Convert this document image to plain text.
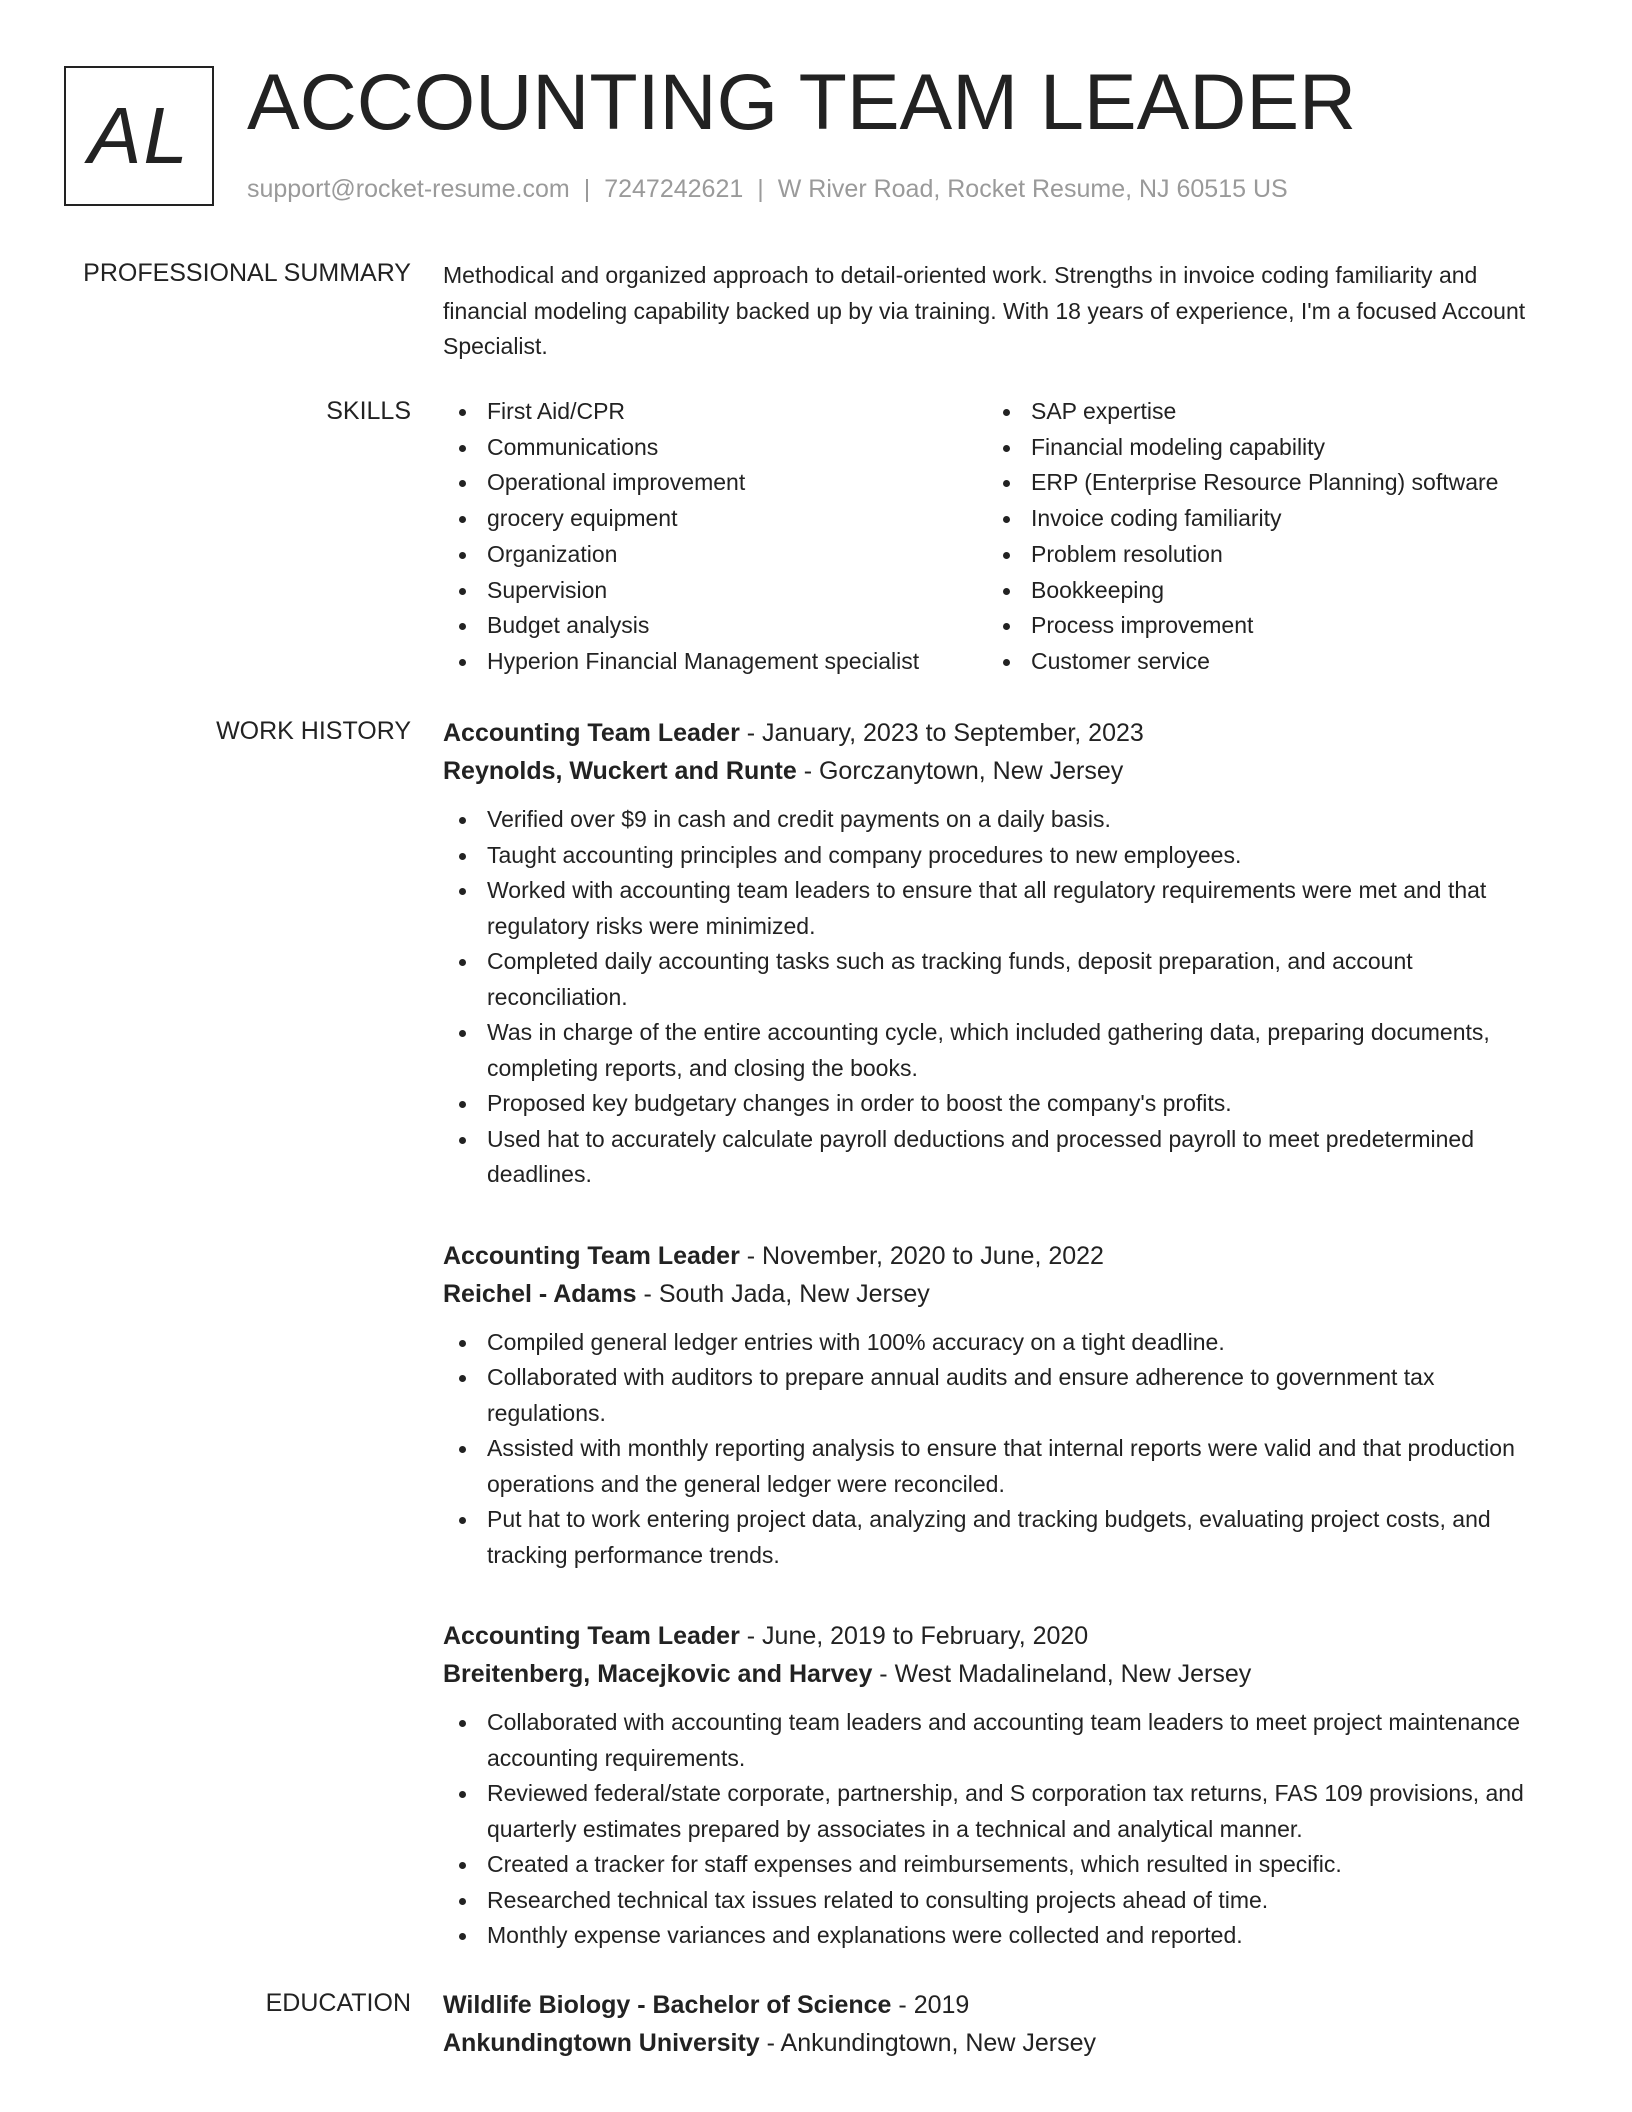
AL ACCOUNTING TEAM LEADER
support@rocket-resume.com | 7247242621 | W River Road, Rocket Resume, NJ 60515 US
PROFESSIONAL SUMMARY Methodical and organized approach to detail-oriented work. Strengths in invoice coding familiarity and financial modeling capability backed up by via training. With 18 years of experience, I'm a focused Account Specialist.

SKILLS	First Aid/CPR
Communications
Operational improvement
grocery equipment
Organization
Supervision
Budget analysis
Hyperion Financial Management specialist
SAP expertise
Financial modeling capability
ERP (Enterprise Resource Planning) software
Invoice coding familiarity
Problem resolution
Bookkeeping
Process improvement
Customer service
WORK HISTORY Accounting Team Leader - January, 2023 to September, 2023
Reynolds, Wuckert and Runte - Gorczanytown, New Jersey
Verified over $9 in cash and credit payments on a daily basis.
Taught accounting principles and company procedures to new employees.
Worked with accounting team leaders to ensure that all regulatory requirements were met and that regulatory risks were minimized.
Completed daily accounting tasks such as tracking funds, deposit preparation, and account reconciliation.
Was in charge of the entire accounting cycle, which included gathering data, preparing documents, completing reports, and closing the books.
Proposed key budgetary changes in order to boost the company's profits.
Used hat to accurately calculate payroll deductions and processed payroll to meet predetermined deadlines.
Accounting Team Leader - November, 2020 to June, 2022
Reichel - Adams - South Jada, New Jersey
Compiled general ledger entries with 100% accuracy on a tight deadline.
Collaborated with auditors to prepare annual audits and ensure adherence to government tax regulations.
Assisted with monthly reporting analysis to ensure that internal reports were valid and that production operations and the general ledger were reconciled.
Put hat to work entering project data, analyzing and tracking budgets, evaluating project costs, and tracking performance trends.
Accounting Team Leader - June, 2019 to February, 2020
Breitenberg, Macejkovic and Harvey - West Madalineland, New Jersey
Collaborated with accounting team leaders and accounting team leaders to meet project maintenance accounting requirements.
Reviewed federal/state corporate, partnership, and S corporation tax returns, FAS 109 provisions, and quarterly estimates prepared by associates in a technical and analytical manner.
Created a tracker for staff expenses and reimbursements, which resulted in specific.
Researched technical tax issues related to consulting projects ahead of time.
Monthly expense variances and explanations were collected and reported.
EDUCATION Wildlife Biology - Bachelor of Science - 2019
Ankundingtown University - Ankundingtown, New Jersey
